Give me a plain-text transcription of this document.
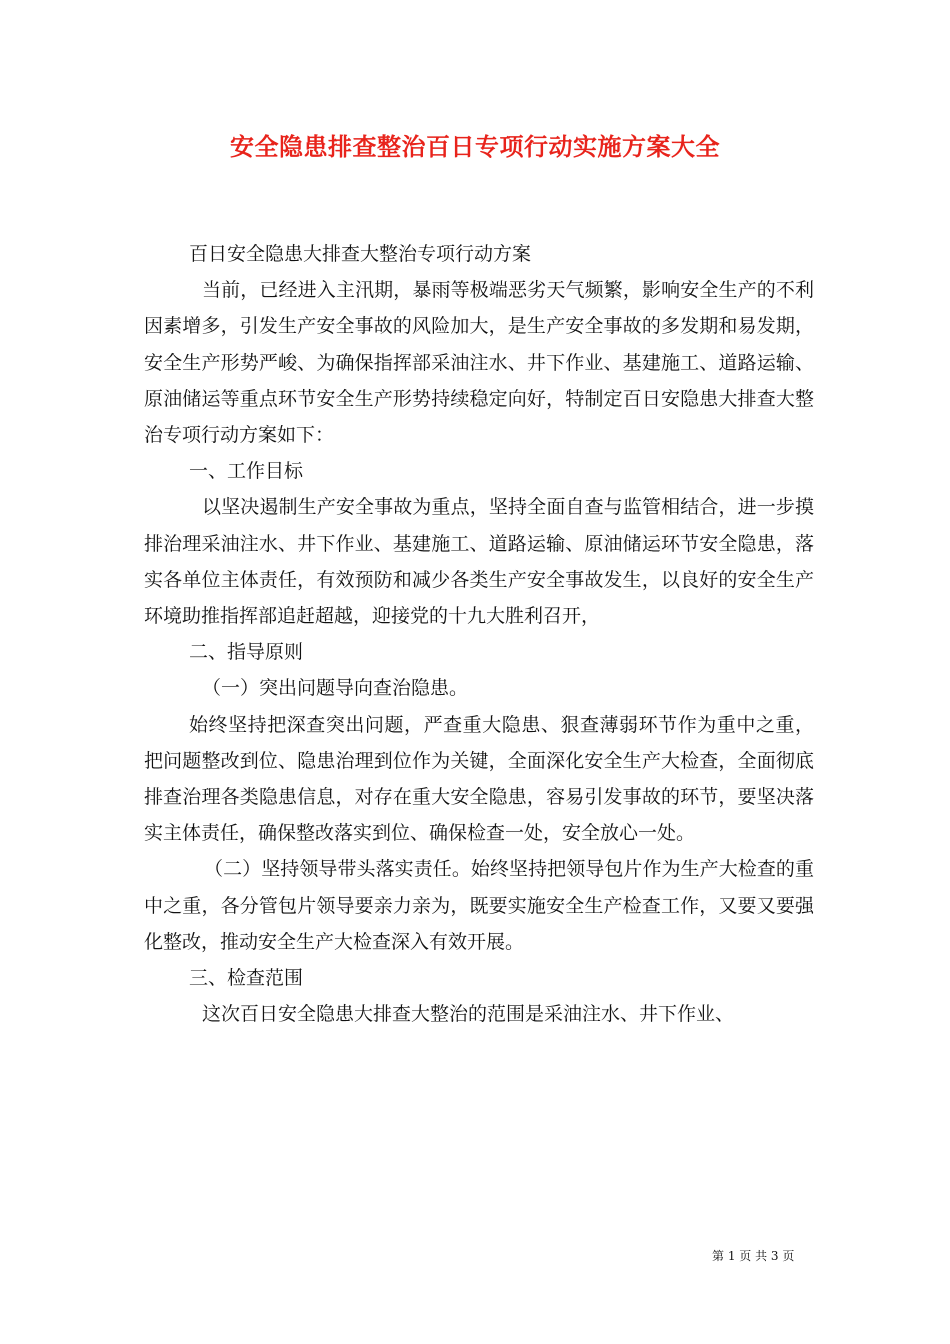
安全隐患排查整治百日专项行动实施方案大全

百日安全隐患大排查大整治专项行动方案

当前，已经进入主汛期，暴雨等极端恶劣天气频繁，影响安全生产的不利因素增多，引发生产安全事故的风险加大，是生产安全事故的多发期和易发期，安全生产形势严峻、为确保指挥部采油注水、井下作业、基建施工、道路运输、原油储运等重点环节安全生产形势持续稳定向好，特制定百日安隐患大排查大整治专项行动方案如下：

一、工作目标

以坚决遏制生产安全事故为重点，坚持全面自查与监管相结合，进一步摸排治理采油注水、井下作业、基建施工、道路运输、原油储运环节安全隐患，落实各单位主体责任，有效预防和减少各类生产安全事故发生，以良好的安全生产环境助推指挥部追赶超越，迎接党的十九大胜利召开，

二、指导原则

（一）突出问题导向查治隐患。

始终坚持把深查突出问题，严查重大隐患、狠查薄弱环节作为重中之重，把问题整改到位、隐患治理到位作为关键，全面深化安全生产大检查，全面彻底排查治理各类隐患信息，对存在重大安全隐患，容易引发事故的环节，要坚决落实主体责任，确保整改落实到位、确保检查一处，安全放心一处。

（二）坚持领导带头落实责任。始终坚持把领导包片作为生产大检查的重中之重，各分管包片领导要亲力亲为，既要实施安全生产检查工作，又要又要强化整改，推动安全生产大检查深入有效开展。

三、检查范围

这次百日安全隐患大排查大整治的范围是采油注水、井下作业、

第 1 页 共 3 页
